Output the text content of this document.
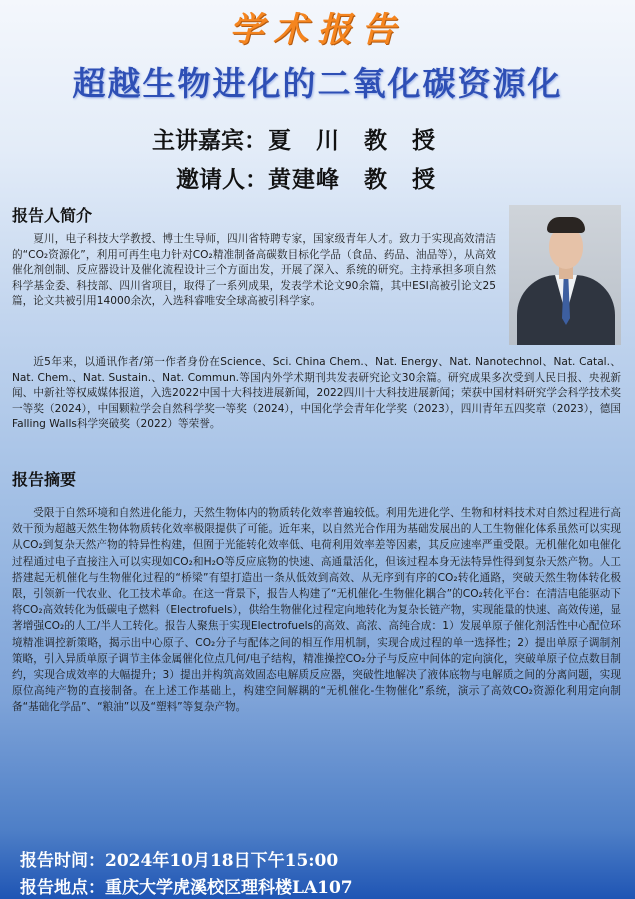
学术报告
超越生物进化的二氧化碳资源化
主讲嘉宾： 夏　川　教　授
邀请人： 黄建峰　教　授
报告人简介
夏川，电子科技大学教授、博士生导师，四川省特聘专家，国家级青年人才。致力于实现高效清洁的“CO₂资源化”，利用可再生电力针对CO₂精准制备高碳数目标化学品（食品、药品、油品等），从高效催化剂创制、反应器设计及催化流程设计三个方面出发，开展了深入、系统的研究。主持承担多项自然科学基金委、科技部、四川省项目，取得了一系列成果，发表学术论文90余篇，其中ESI高被引论文25篇，论文共被引用14000余次，入选科睿唯安全球高被引科学家。
近5年来，以通讯作者/第一作者身份在Science、Sci. China Chem.、Nat. Energy、Nat. Nanotechnol、Nat. Catal.、Nat. Chem.、Nat. Sustain.、Nat. Commun.等国内外学术期刊共发表研究论文30余篇。研究成果多次受到人民日报、央视新闻、中新社等权威媒体报道，入选2022中国十大科技进展新闻，2022四川十大科技进展新闻；荣获中国材料研究学会科学技术奖一等奖（2024），中国颗粒学会自然科学奖一等奖（2024），中国化学会青年化学奖（2023），四川青年五四奖章（2023），德国Falling Walls科学突破奖（2022）等荣誉。
报告摘要
受限于自然环境和自然进化能力，天然生物体内的物质转化效率普遍较低。利用先进化学、生物和材料技术对自然过程进行高效干预为超越天然生物体物质转化效率极限提供了可能。近年来，以自然光合作用为基础发展出的人工生物催化体系虽然可以实现从CO₂到复杂天然产物的特异性构建，但囿于光能转化效率低、电荷利用效率差等因素，其反应速率严重受限。无机催化如电催化过程通过电子直接注入可以实现如CO₂和H₂O等反应底物的快速、高通量活化，但该过程本身无法特异性得到复杂天然产物。人工搭建起无机催化与生物催化过程的“桥梁”有望打造出一条从低效到高效、从无序到有序的CO₂转化通路，突破天然生物体转化极限，引领新一代农业、化工技术革命。在这一背景下，报告人构建了“无机催化-生物催化耦合”的CO₂转化平台：在清洁电能驱动下将CO₂高效转化为低碳电子燃料（Electrofuels），供给生物催化过程定向地转化为复杂长链产物，实现能量的快速、高效传递，显著增强CO₂的人工/半人工转化。报告人聚焦于实现Electrofuels的高效、高浓、高纯合成：1）发展单原子催化剂活性中心配位环境精准调控新策略，揭示出中心原子、CO₂分子与配体之间的相互作用机制，实现合成过程的单一选择性；2）提出单原子调制剂策略，引入异质单原子调节主体金属催化位点几何/电子结构，精准操控CO₂分子与反应中间体的定向演化，突破单原子位点数目制约，实现合成效率的大幅提升；3）提出并构筑高效固态电解质反应器，突破性地解决了液体底物与电解质之间的分离问题，实现原位高纯产物的直接制备。在上述工作基础上，构建空间解耦的“无机催化-生物催化”系统，演示了高效CO₂资源化利用定向制备“基础化学品”、“粮油”以及“塑料”等复杂产物。
报告时间：2024年10月18日下午15:00
报告地点：重庆大学虎溪校区理科楼LA107
